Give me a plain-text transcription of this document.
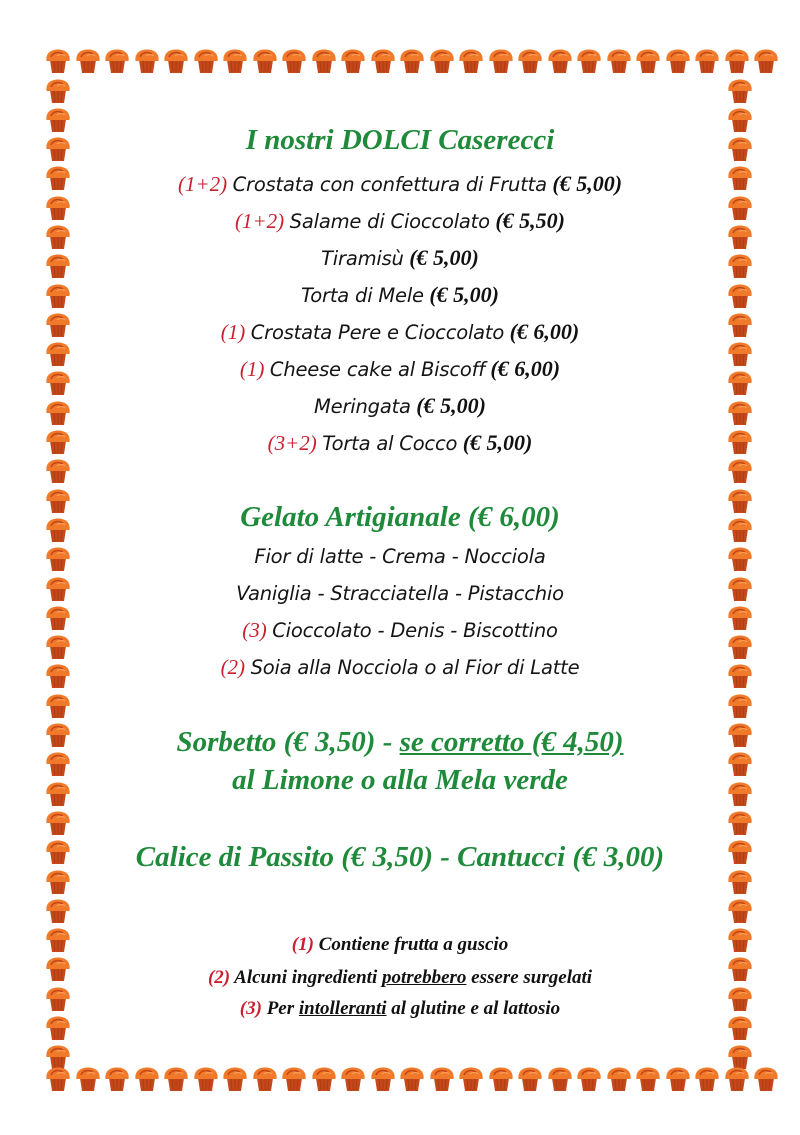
I nostri DOLCI Caserecci
(1+2) Crostata con confettura di Frutta (€ 5,00)
(1+2) Salame di Cioccolato (€ 5,50)
Tiramisù (€ 5,00)
Torta di Mele (€ 5,00)
(1) Crostata Pere e Cioccolato (€ 6,00)
(1) Cheese cake al Biscoff (€ 6,00)
Meringata (€ 5,00)
(3+2) Torta al Cocco (€ 5,00)
Gelato Artigianale (€ 6,00)
Fior di latte - Crema - Nocciola
Vaniglia - Stracciatella - Pistacchio
(3) Cioccolato - Denis - Biscottino
(2) Soia alla Nocciola o al Fior di Latte
Sorbetto (€ 3,50) - se corretto (€ 4,50)
al Limone o alla Mela verde
Calice di Passito (€ 3,50) - Cantucci (€ 3,00)
(1) Contiene frutta a guscio
(2) Alcuni ingredienti potrebbero essere surgelati
(3) Per intolleranti al glutine e al lattosio
